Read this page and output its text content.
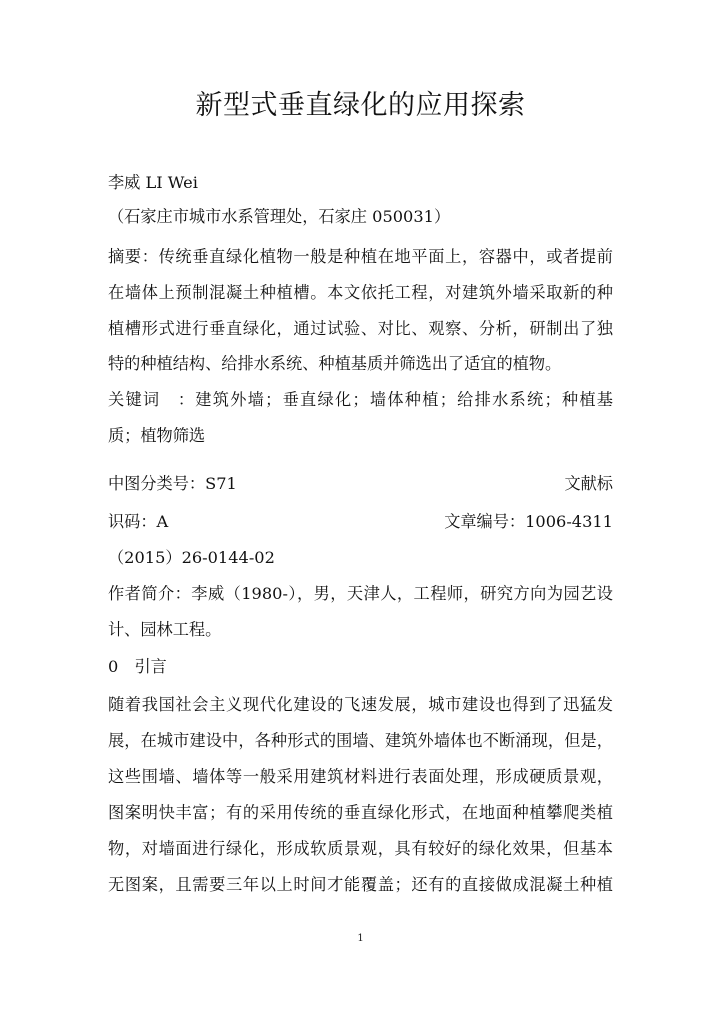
新型式垂直绿化的应用探索
李威 LI Wei
（石家庄市城市水系管理处，石家庄 050031）
摘要：传统垂直绿化植物一般是种植在地平面上，容器中，或者提前
在墙体上预制混凝土种植槽。本文依托工程，对建筑外墙采取新的种
植槽形式进行垂直绿化，通过试验、对比、观察、分析，研制出了独
特的种植结构、给排水系统、种植基质并筛选出了适宜的植物。
关键词　：建筑外墙；垂直绿化；墙体种植；给排水系统；种植基
质；植物筛选
中图分类号：S71	文献标
识码：A	文章编号：1006-4311
（2015）26-0144-02
作者简介：李威（1980-），男，天津人，工程师，研究方向为园艺设
计、园林工程。
0　引言
随着我国社会主义现代化建设的飞速发展，城市建设也得到了迅猛发
展，在城市建设中，各种形式的围墙、建筑外墙体也不断涌现，但是，
这些围墙、墙体等一般采用建筑材料进行表面处理，形成硬质景观，
图案明快丰富；有的采用传统的垂直绿化形式，在地面种植攀爬类植
物，对墙面进行绿化，形成软质景观，具有较好的绿化效果，但基本
无图案，且需要三年以上时间才能覆盖；还有的直接做成混凝土种植
1
